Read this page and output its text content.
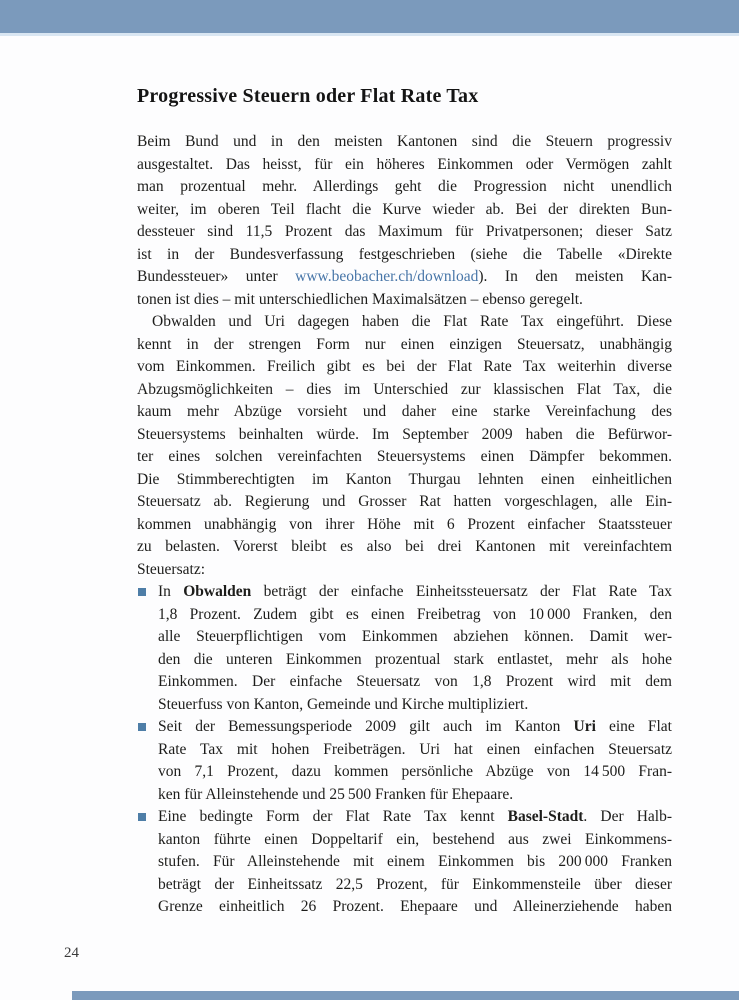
Progressive Steuern oder Flat Rate Tax
Beim Bund und in den meisten Kantonen sind die Steuern progressiv
ausgestaltet. Das heisst, für ein höheres Einkommen oder Vermögen zahlt
man prozentual mehr. Allerdings geht die Progression nicht unendlich
weiter, im oberen Teil flacht die Kurve wieder ab. Bei der direkten Bun-
dessteuer sind 11,5 Prozent das Maximum für Privatpersonen; dieser Satz
ist in der Bundesverfassung festgeschrieben (siehe die Tabelle «Direkte
Bundessteuer» unter www.beobacher.ch/download). In den meisten Kan-
tonen ist dies – mit unterschiedlichen Maximalsätzen – ebenso geregelt.
Obwalden und Uri dagegen haben die Flat Rate Tax eingeführt. Diese
kennt in der strengen Form nur einen einzigen Steuersatz, unabhängig
vom Einkommen. Freilich gibt es bei der Flat Rate Tax weiterhin diverse
Abzugsmöglichkeiten – dies im Unterschied zur klassischen Flat Tax, die
kaum mehr Abzüge vorsieht und daher eine starke Vereinfachung des
Steuersystems beinhalten würde. Im September 2009 haben die Befürwor-
ter eines solchen vereinfachten Steuersystems einen Dämpfer bekommen.
Die Stimmberechtigten im Kanton Thurgau lehnten einen einheitlichen
Steuersatz ab. Regierung und Grosser Rat hatten vorgeschlagen, alle Ein-
kommen unabhängig von ihrer Höhe mit 6 Prozent einfacher Staatssteuer
zu belasten. Vorerst bleibt es also bei drei Kantonen mit vereinfachtem
Steuersatz:
In Obwalden beträgt der einfache Einheitssteuersatz der Flat Rate Tax
1,8 Prozent. Zudem gibt es einen Freibetrag von 10 000 Franken, den
alle Steuerpflichtigen vom Einkommen abziehen können. Damit wer-
den die unteren Einkommen prozentual stark entlastet, mehr als hohe
Einkommen. Der einfache Steuersatz von 1,8 Prozent wird mit dem
Steuerfuss von Kanton, Gemeinde und Kirche multipliziert.
Seit der Bemessungsperiode 2009 gilt auch im Kanton Uri eine Flat
Rate Tax mit hohen Freibeträgen. Uri hat einen einfachen Steuersatz
von 7,1 Prozent, dazu kommen persönliche Abzüge von 14 500 Fran-
ken für Alleinstehende und 25 500 Franken für Ehepaare.
Eine bedingte Form der Flat Rate Tax kennt Basel-Stadt. Der Halb-
kanton führte einen Doppeltarif ein, bestehend aus zwei Einkommens-
stufen. Für Alleinstehende mit einem Einkommen bis 200 000 Franken
beträgt der Einheitssatz 22,5 Prozent, für Einkommensteile über dieser
Grenze einheitlich 26 Prozent. Ehepaare und Alleinerziehende haben
24
